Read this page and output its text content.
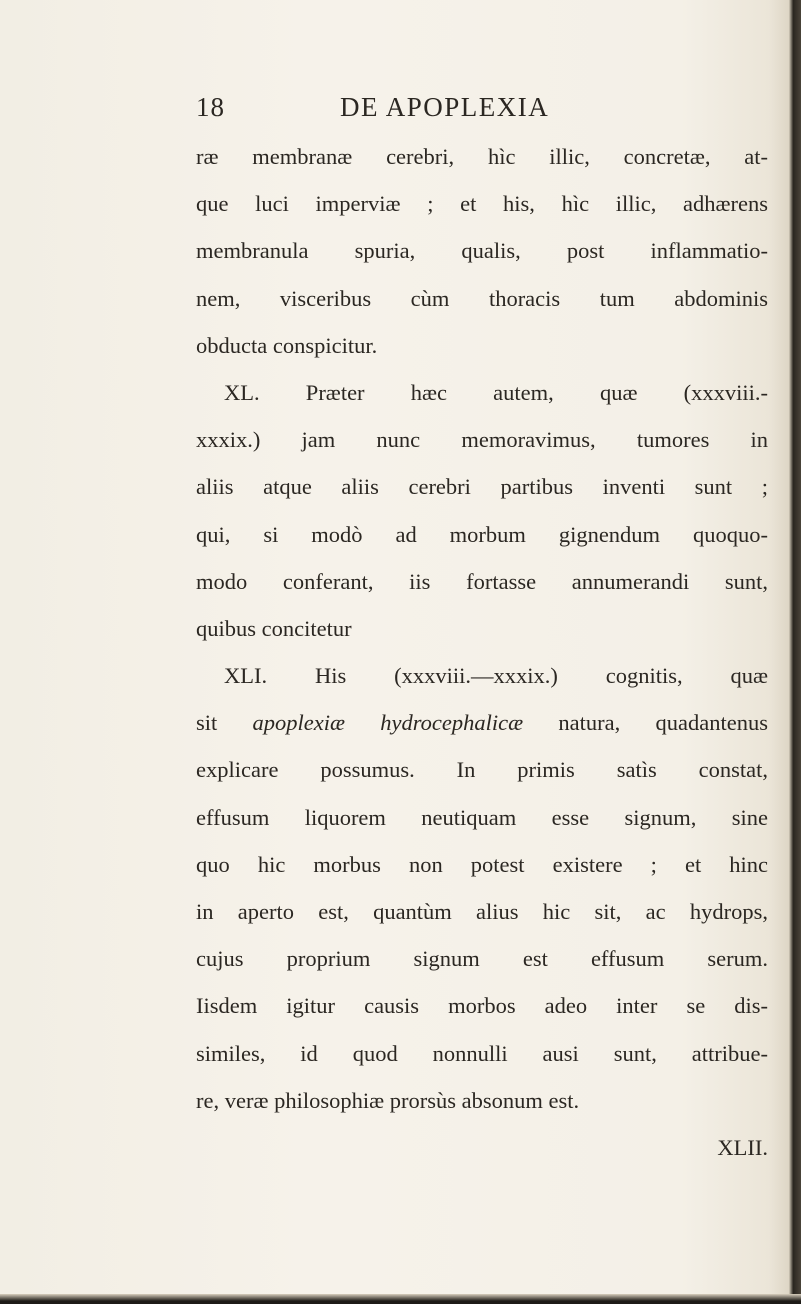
18	DE APOPLEXIA
ræ membranæ cerebri, hìc illic, concretæ, at-
que luci imperviæ ; et his, hìc illic, adhærens
membranula spuria, qualis, post inflammatio-
nem, visceribus cùm thoracis tum abdominis
obducta conspicitur.
XL. Præter hæc autem, quæ (xxxviii.-
xxxix.) jam nunc memoravimus, tumores in
aliis atque aliis cerebri partibus inventi sunt ;
qui, si modò ad morbum gignendum quoquo-
modo conferant, iis fortasse annumerandi sunt,
quibus concitetur
XLI. His (xxxviii.—xxxix.) cognitis, quæ
sit apoplexiæ hydrocephalicæ natura, quadantenus
explicare possumus. In primis satìs constat,
effusum liquorem neutiquam esse signum, sine
quo hic morbus non potest existere ; et hinc
in aperto est, quantùm alius hic sit, ac hydrops,
cujus proprium signum est effusum serum.
Iisdem igitur causis morbos adeo inter se dis-
similes, id quod nonnulli ausi sunt, attribue-
re, veræ philosophiæ prorsùs absonum est.
XLII.
